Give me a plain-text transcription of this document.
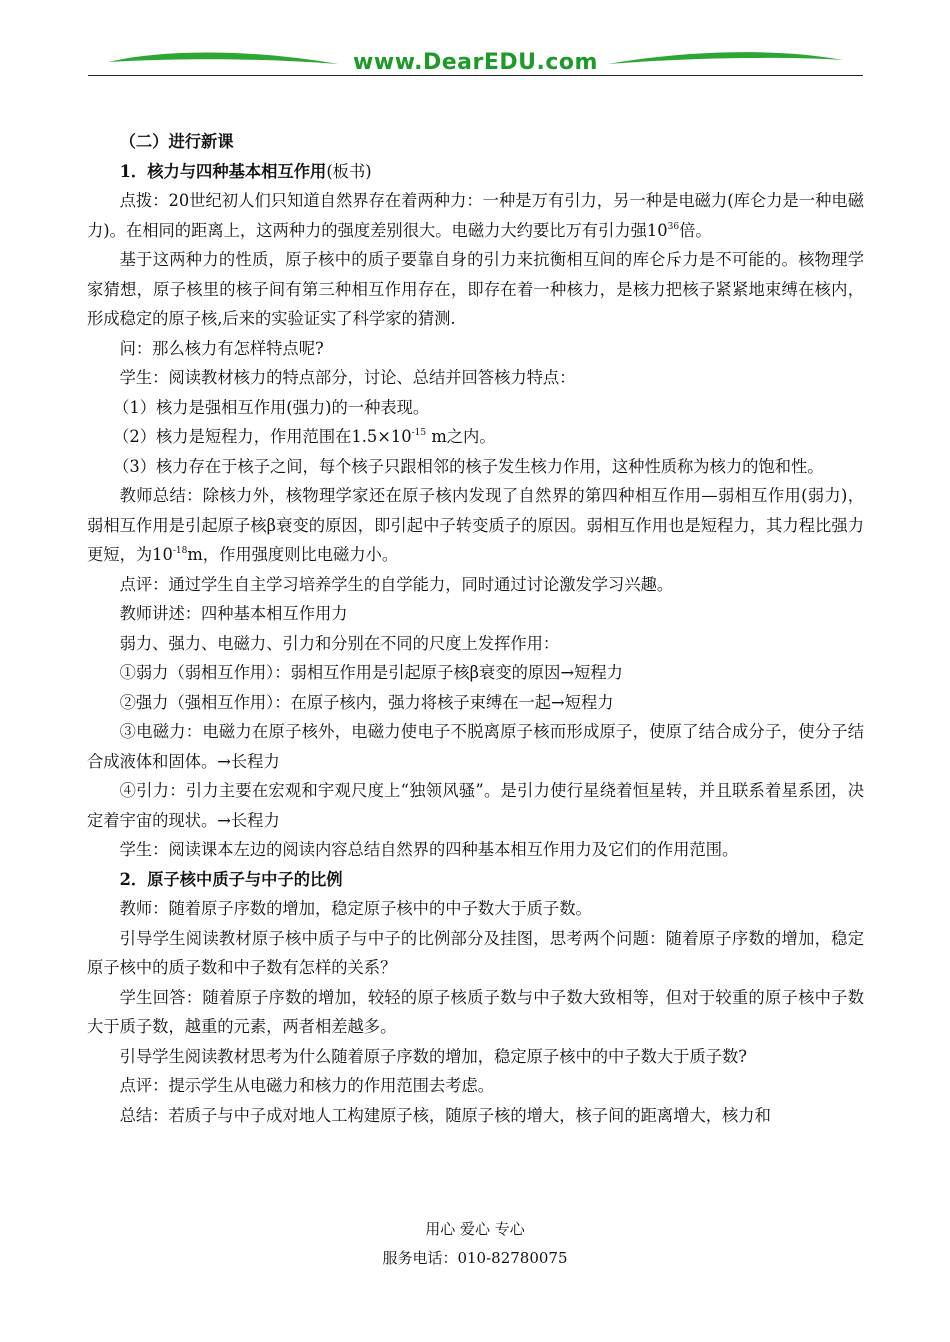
www.DearEDU.com

（二）进行新课

1．核力与四种基本相互作用(板书)

点拨：20世纪初人们只知道自然界存在着两种力：一种是万有引力，另一种是电磁力(库仑力是一种电磁力)。在相同的距离上，这两种力的强度差别很大。电磁力大约要比万有引力强$10^{36}$倍。

基于这两种力的性质，原子核中的质子要靠自身的引力来抗衡相互间的库仑斥力是不可能的。核物理学家猜想，原子核里的核子间有第三种相互作用存在，即存在着一种核力，是核力把核子紧紧地束缚在核内，形成稳定的原子核,后来的实验证实了科学家的猜测.

问：那么核力有怎样特点呢?

学生：阅读教材核力的特点部分，讨论、总结并回答核力特点：

（1）核力是强相互作用(强力)的一种表现。

（2）核力是短程力，作用范围在$1.5\times 10^{-15}$ m之内。

（3）核力存在于核子之间，每个核子只跟相邻的核子发生核力作用，这种性质称为核力的饱和性。

教师总结：除核力外，核物理学家还在原子核内发现了自然界的第四种相互作用—弱相互作用(弱力)，弱相互作用是引起原子核β衰变的原因，即引起中子转变质子的原因。弱相互作用也是短程力，其力程比强力更短，为$10^{-18}m$，作用强度则比电磁力小。

点评：通过学生自主学习培养学生的自学能力，同时通过讨论激发学习兴趣。

教师讲述：四种基本相互作用力

弱力、强力、电磁力、引力和分别在不同的尺度上发挥作用：

①弱力（弱相互作用）：弱相互作用是引起原子核β衰变的原因→短程力

②强力（强相互作用）：在原子核内，强力将核子束缚在一起→短程力

③电磁力：电磁力在原子核外，电磁力使电子不脱离原子核而形成原子，使原了结合成分子，使分子结合成液体和固体。→长程力

④引力：引力主要在宏观和宇观尺度上“独领风骚”。是引力使行星绕着恒星转，并且联系着星系团，决定着宇宙的现状。→长程力

学生：阅读课本左边的阅读内容总结自然界的四种基本相互作用力及它们的作用范围。

2．原子核中质子与中子的比例

教师：随着原子序数的增加，稳定原子核中的中子数大于质子数。

引导学生阅读教材原子核中质子与中子的比例部分及挂图，思考两个问题：随着原子序数的增加，稳定原子核中的质子数和中子数有怎样的关系？

学生回答：随着原子序数的增加，较轻的原子核质子数与中子数大致相等，但对于较重的原子核中子数大于质子数，越重的元素，两者相差越多。

引导学生阅读教材思考为什么随着原子序数的增加，稳定原子核中的中子数大于质子数?

点评：提示学生从电磁力和核力的作用范围去考虑。

总结：若质子与中子成对地人工构建原子核，随原子核的增大，核子间的距离增大，核力和

用心 爱心 专心
服务电话：010-82780075
